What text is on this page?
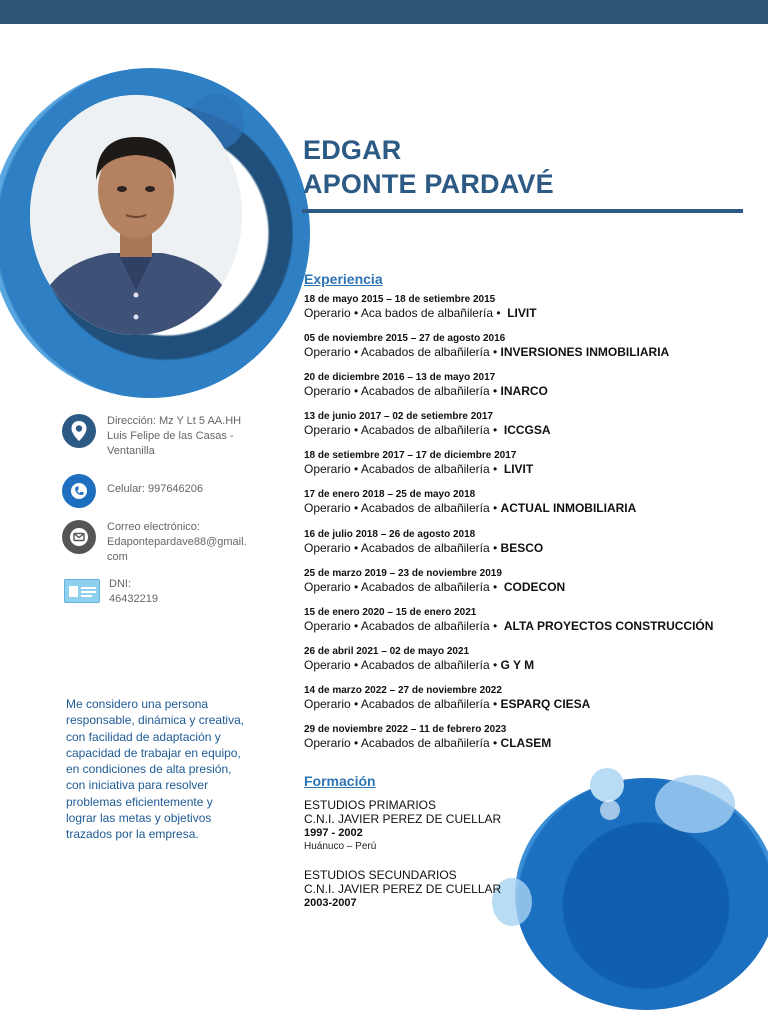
EDGAR
APONTE PARDAVÉ
Experiencia
18 de mayo 2015 – 18 de setiembre 2015
Operario • Aca bados de albañilería •  LIVIT
05 de noviembre 2015 – 27 de agosto 2016
Operario • Acabados de albañilería • INVERSIONES INMOBILIARIA
20 de diciembre 2016 – 13 de mayo 2017
Operario • Acabados de albañilería • INARCO
13 de junio 2017 – 02 de setiembre 2017
Operario • Acabados de albañilería •  ICCGSA
18 de setiembre 2017 – 17 de diciembre 2017
Operario • Acabados de albañilería •  LIVIT
17 de enero 2018 – 25 de mayo 2018
Operario • Acabados de albañilería • ACTUAL INMOBILIARIA
16 de julio 2018 – 26 de agosto 2018
Operario • Acabados de albañilería • BESCO
25 de marzo 2019 – 23 de noviembre 2019
Operario • Acabados de albañilería •  CODECON
15 de enero 2020 – 15 de enero 2021
Operario • Acabados de albañilería •  ALTA PROYECTOS CONSTRUCCIÓN
26 de abril 2021 – 02 de mayo 2021
Operario • Acabados de albañilería • G Y M
14 de marzo 2022 – 27 de noviembre 2022
Operario • Acabados de albañilería • ESPARQ CIESA
29 de noviembre 2022 – 11 de febrero 2023
Operario • Acabados de albañilería • CLASEM
Formación
ESTUDIOS PRIMARIOS
C.N.I. JAVIER PEREZ DE CUELLAR
1997 - 2002
Huánuco – Perú
ESTUDIOS SECUNDARIOS
C.N.I. JAVIER PEREZ DE CUELLAR
2003-2007
Dirección: Mz Y Lt 5 AA.HH Luis Felipe de las Casas - Ventanilla
Celular: 997646206
Correo electrónico:
Edapontepardave88@gmail.com
DNI:
46432219
Me considero una persona responsable, dinámica y creativa, con facilidad de adaptación y capacidad de trabajar en equipo, en condiciones de alta presión, con iniciativa para resolver problemas eficientemente y lograr las metas y objetivos trazados por la empresa.
